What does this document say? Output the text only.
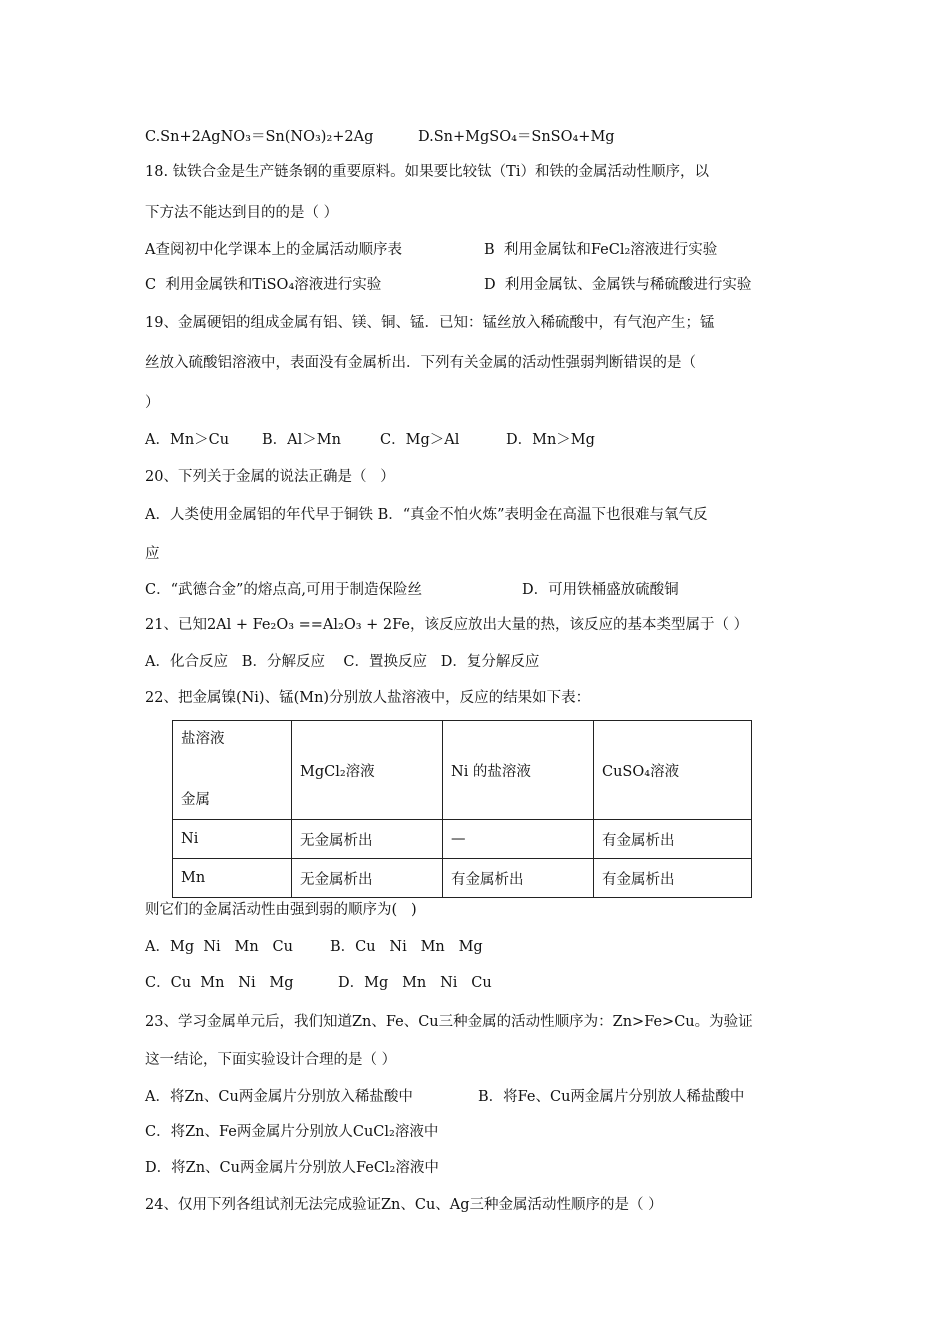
C.Sn+2AgNO₃＝Sn(NO₃)₂+2Ag	D.Sn+MgSO₄＝SnSO₄+Mg
18. 钛铁合金是生产链条钢的重要原料。如果要比较钛（Ti）和铁的金属活动性顺序，以
下方法不能达到目的的是（ ）
A查阅初中化学课本上的金属活动顺序表	B  利用金属钛和FeCl₂溶液进行实验
C  利用金属铁和TiSO₄溶液进行实验	D  利用金属钛、金属铁与稀硫酸进行实验
19、金属硬铝的组成金属有铝、镁、铜、锰．已知：锰丝放入稀硫酸中，有气泡产生；锰
丝放入硫酸铝溶液中，表面没有金属析出．下列有关金属的活动性强弱判断错误的是（
）
A．Mn＞Cu B．Al＞Mn	C．Mg＞Al	D．Mn＞Mg
20、下列关于金属的说法正确是（   ）
A．人类使用金属铝的年代早于铜铁 B．“真金不怕火炼”表明金在高温下也很难与氧气反
应
C．“武德合金”的熔点高,可用于制造保险丝	D．可用铁桶盛放硫酸铜
21、已知2Al + Fe₂O₃ ==Al₂O₃ + 2Fe，该反应放出大量的热，该反应的基本类型属于（ ）
A．化合反应   B．分解反应    C．置换反应   D．复分解反应
22、把金属镍(Ni)、锰(Mn)分别放人盐溶液中，反应的结果如下表：
盐溶液
金属	MgCl₂溶液	Ni 的盐溶液	CuSO₄溶液
Ni	无金属析出	—	有金属析出
Mn	无金属析出	有金属析出	有金属析出
则它们的金属活动性由强到弱的顺序为(   )
A．Mg  Ni   Mn   Cu	B．Cu   Ni   Mn   Mg
C．Cu  Mn   Ni   Mg	D．Mg   Mn   Ni   Cu
23、学习金属单元后，我们知道Zn、Fe、Cu三种金属的活动性顺序为：Zn>Fe>Cu。为验证
这一结论，下面实验设计合理的是（ ）
A．将Zn、Cu两金属片分别放入稀盐酸中	B．将Fe、Cu两金属片分别放人稀盐酸中
C．将Zn、Fe两金属片分别放人CuCl₂溶液中
D．将Zn、Cu两金属片分别放人FeCl₂溶液中
24、仅用下列各组试剂无法完成验证Zn、Cu、Ag三种金属活动性顺序的是（ ）
